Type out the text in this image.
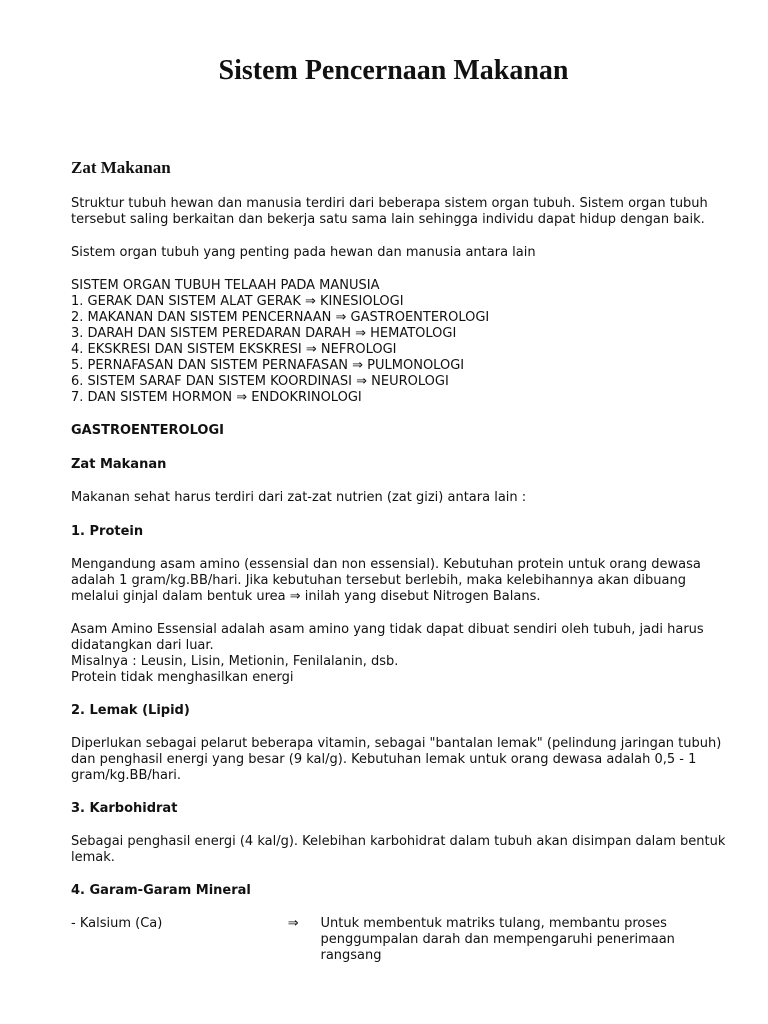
Sistem Pencernaan Makanan
Zat Makanan

Struktur tubuh hewan dan manusia terdiri dari beberapa sistem organ tubuh. Sistem organ tubuh tersebut saling berkaitan dan bekerja satu sama lain sehingga individu dapat hidup dengan baik.

Sistem organ tubuh yang penting pada hewan dan manusia antara lain

SISTEM ORGAN TUBUH TELAAH PADA MANUSIA

1. GERAK DAN SISTEM ALAT GERAK ⇒ KINESIOLOGI
2. MAKANAN DAN SISTEM PENCERNAAN ⇒ GASTROENTEROLOGI
3. DARAH DAN SISTEM PEREDARAN DARAH ⇒ HEMATOLOGI
4. EKSKRESI DAN SISTEM EKSKRESI ⇒ NEFROLOGI
5. PERNAFASAN DAN SISTEM PERNAFASAN ⇒ PULMONOLOGI
6. SISTEM SARAF DAN SISTEM KOORDINASI ⇒ NEUROLOGI
7. DAN SISTEM HORMON ⇒ ENDOKRINOLOGI

GASTROENTEROLOGI

Zat Makanan

Makanan sehat harus terdiri dari zat-zat nutrien (zat gizi) antara lain :

1. Protein

Mengandung asam amino (essensial dan non essensial). Kebutuhan protein untuk orang dewasa adalah 1 gram/kg.BB/hari. Jika kebutuhan tersebut berlebih, maka kelebihannya akan dibuang melalui ginjal dalam bentuk urea ⇒ inilah yang disebut Nitrogen Balans.

Asam Amino Essensial adalah asam amino yang tidak dapat dibuat sendiri oleh tubuh, jadi harus didatangkan dari luar.

Misalnya : Leusin, Lisin, Metionin, Fenilalanin, dsb.

Protein tidak menghasilkan energi

2. Lemak (Lipid)

Diperlukan sebagai pelarut beberapa vitamin, sebagai "bantalan lemak" (pelindung jaringan tubuh) dan penghasil energi yang besar (9 kal/g). Kebutuhan lemak untuk orang dewasa adalah 0,5 - 1 gram/kg.BB/hari.

3. Karbohidrat

Sebagai penghasil energi (4 kal/g). Kelebihan karbohidrat dalam tubuh akan disimpan dalam bentuk lemak.

4. Garam-Garam Mineral

- Kalsium (Ca)	⇒	Untuk membentuk matriks tulang, membantu proses penggumpalan darah dan mempengaruhi penerimaan rangsang
